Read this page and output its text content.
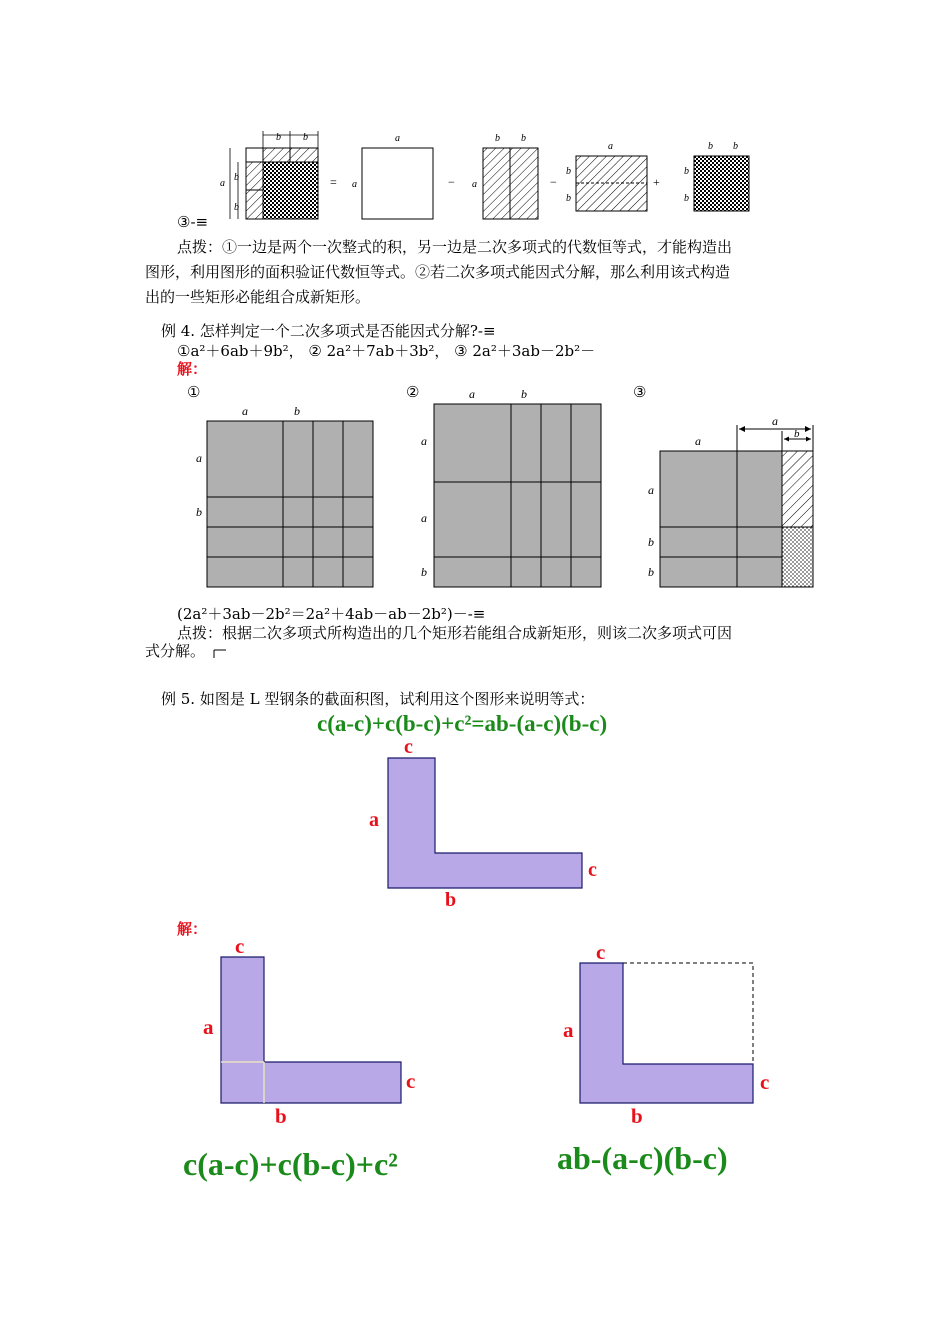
b b
a
b
b
=
a
a	−
b b
a	−
a
b
b
+
b b
b
b
③-≡
点拨：①一边是两个一次整式的积，另一边是二次多项式的代数恒等式，才能构造出
图形，利用图形的面积验证代数恒等式。②若二次多项式能因式分解，那么利用该式构造
出的一些矩形必能组合成新矩形。
例 4. 怎样判定一个二次多项式是否能因式分解?-≡
①a²＋6ab＋9b²， ② 2a²＋7ab＋3b²， ③ 2a²＋3ab－2b²－
解：
①	②	③
a	b
a
b
a	b
a
a
b
a
a
b
a
b
b
(2a²＋3ab－2b²＝2a²＋4ab－ab－2b²)－-≡
点拨：根据二次多项式所构造出的几个矩形若能组合成新矩形，则该二次多项式可因
式分解。
例 5. 如图是 L 型钢条的截面积图，试利用这个图形来说明等式：
c(a-c)+c(b-c)+c²=ab-(a-c)(b-c)
c
a
c
b
解：
c
a
c
b
c
a
c
b
c(a-c)+c(b-c)+c²	ab-(a-c)(b-c)
